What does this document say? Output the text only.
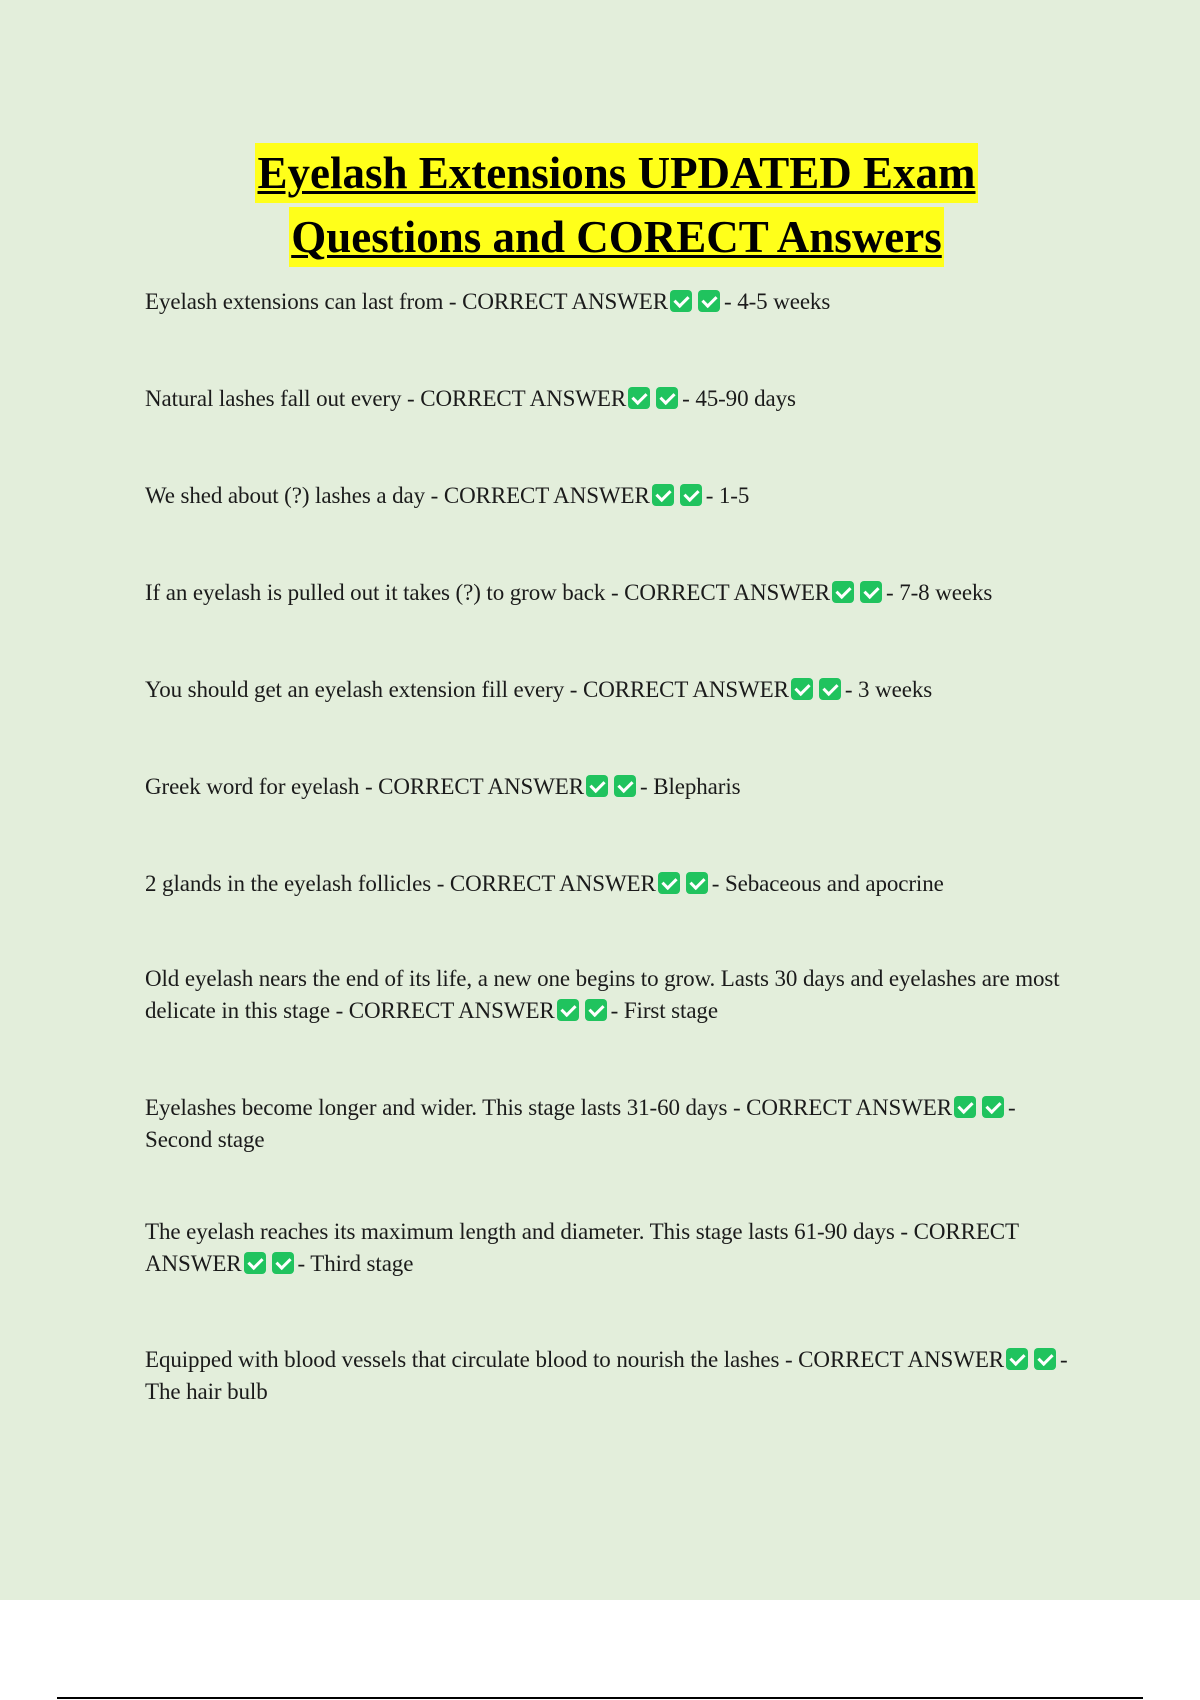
Eyelash Extensions UPDATED Exam
Questions and CORECT Answers
Eyelash extensions can last from - CORRECT ANSWER - 4-5 weeks
Natural lashes fall out every - CORRECT ANSWER - 45-90 days
We shed about (?) lashes a day - CORRECT ANSWER - 1-5
If an eyelash is pulled out it takes (?) to grow back - CORRECT ANSWER - 7-8 weeks
You should get an eyelash extension fill every - CORRECT ANSWER - 3 weeks
Greek word for eyelash - CORRECT ANSWER - Blepharis
2 glands in the eyelash follicles - CORRECT ANSWER - Sebaceous and apocrine
Old eyelash nears the end of its life, a new one begins to grow. Lasts 30 days and eyelashes are most delicate in this stage - CORRECT ANSWER - First stage
Eyelashes become longer and wider. This stage lasts 31-60 days - CORRECT ANSWER - Second stage
The eyelash reaches its maximum length and diameter. This stage lasts 61-90 days - CORRECT ANSWER - Third stage
Equipped with blood vessels that circulate blood to nourish the lashes - CORRECT ANSWER - The hair bulb
